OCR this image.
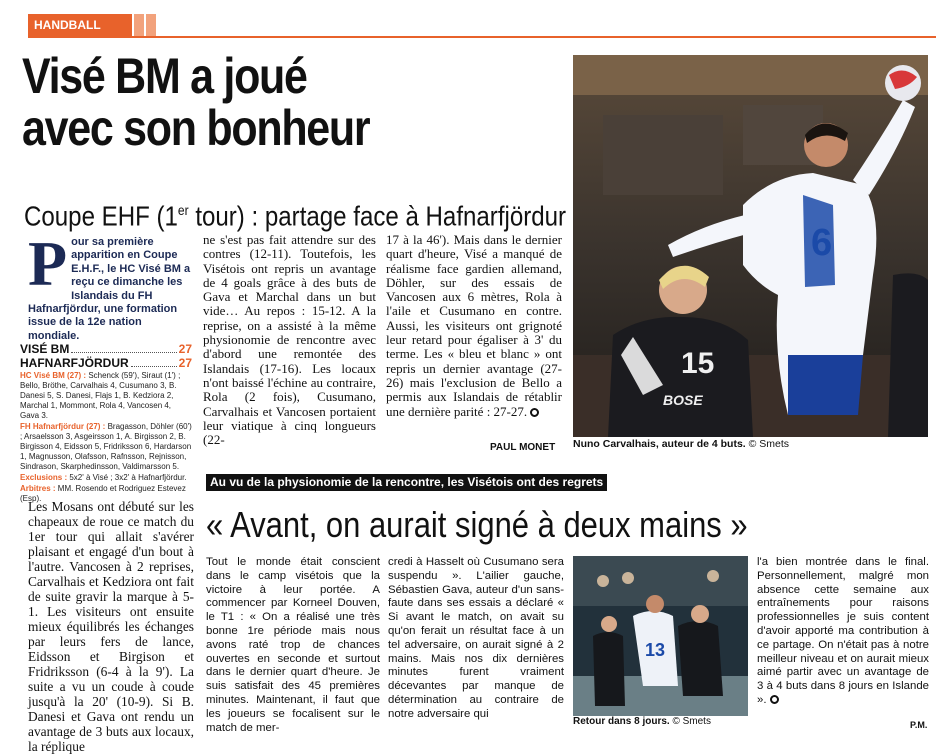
HANDBALL
Visé BM a joué
avec son bonheur
Coupe EHF (1er tour) : partage face à Hafnarfjördur
6
15
BOSE
Nuno Carvalhais, auteur de 4 buts. © Smets
Pour sa première apparition en Coupe E.H.F., le HC Visé BM a reçu ce dimanche les Islandais du FH Hafnarfjördur, une formation issue de la 12e nation mondiale.
VISÉ BM	27
HAFNARFJÖRDUR	27
HC Visé BM (27) : Schenck (59'), Siraut (1') ; Bello, Bröthe, Carvalhais 4, Cusumano 3, B. Danesi 5, S. Danesi, Flajs 1, B. Kedziora 2, Marchal 1, Mommont, Rola 4, Vancosen 4, Gava 3.
FH Hafnarfjördur (27) : Bragasson, Döhler (60') ; Arsaelsson 3, Asgeirsson 1, A. Birgisson 2, B. Birgisson 4, Eidsson 5, Fridriksson 6, Hardarson 1, Magnusson, Olafsson, Rafnsson, Rejnisson, Sindrason, Skarphedinsson, Valdimarsson 5.
Exclusions : 5x2' à Visé ; 3x2' à Hafnarfjördur.
Arbitres : MM. Rosendo et Rodriguez Estevez (Esp).
ne s'est pas fait attendre sur des contres (12-11). Toutefois, les Visétois ont repris un avantage de 4 goals grâce à des buts de Gava et Marchal dans un but vide… Au repos : 15-12. A la reprise, on a assisté à la même physionomie de rencontre avec d'abord une remontée des Islandais (17-16). Les locaux n'ont baissé l'échine au contraire, Rola (2 fois), Cusumano, Carvalhais et Vancosen portaient leur viatique à cinq longueurs (22-
17 à la 46'). Mais dans le dernier quart d'heure, Visé a manqué de réalisme face gardien allemand, Döhler, sur des essais de Vancosen aux 6 mètres, Rola à l'aile et Cusumano en contre. Aussi, les visiteurs ont grignoté leur retard pour égaliser à 3' du terme. Les « bleu et blanc » ont repris un dernier avantage (27-26) mais l'exclusion de Bello a permis aux Islandais de rétablir une dernière parité : 27-27.
PAUL MONET
Les Mosans ont débuté sur les chapeaux de roue ce match du 1er tour qui allait s'avérer plaisant et engagé d'un bout à l'autre. Vancosen à 2 reprises, Carvalhais et Kedziora ont fait de suite gravir la marque à 5-1. Les visiteurs ont ensuite mieux équilibrés les échanges par leurs fers de lance, Eidsson et Birgison et Fridriksson (6-4 à la 9'). La suite a vu un coude à coude jusqu'à la 20' (10-9). Si B. Danesi et Gava ont rendu un avantage de 3 buts aux locaux, la réplique
Au vu de la physionomie de la rencontre, les Visétois ont des regrets
« Avant, on aurait signé à deux mains »
Tout le monde était conscient dans le camp visétois que la victoire à leur portée. A commencer par Korneel Douven, le T1 : « On a réalisé une très bonne 1re période mais nous avons raté trop de chances ouvertes en seconde et surtout dans le dernier quart d'heure. Je suis satisfait des 45 premières minutes. Maintenant, il faut que les joueurs se focalisent sur le match de mer-
credi à Hasselt où Cusumano sera suspendu ». L'ailier gauche, Sébastien Gava, auteur d'un sans-faute dans ses essais a déclaré « Si avant le match, on avait su qu'on ferait un résultat face à un tel adversaire, on aurait signé à 2 mains. Mais nos dix dernières minutes furent vraiment décevantes par manque de détermination au contraire de notre adversaire qui
l'a bien montrée dans le final. Personnellement, malgré mon absence cette semaine aux entraînements pour raisons professionnelles je suis content d'avoir apporté ma contribution à ce partage. On n'était pas à notre meilleur niveau et on aurait mieux aimé partir avec un avantage de 3 à 4 buts dans 8 jours en Islande ».
13
Retour dans 8 jours. © Smets	P.M.
